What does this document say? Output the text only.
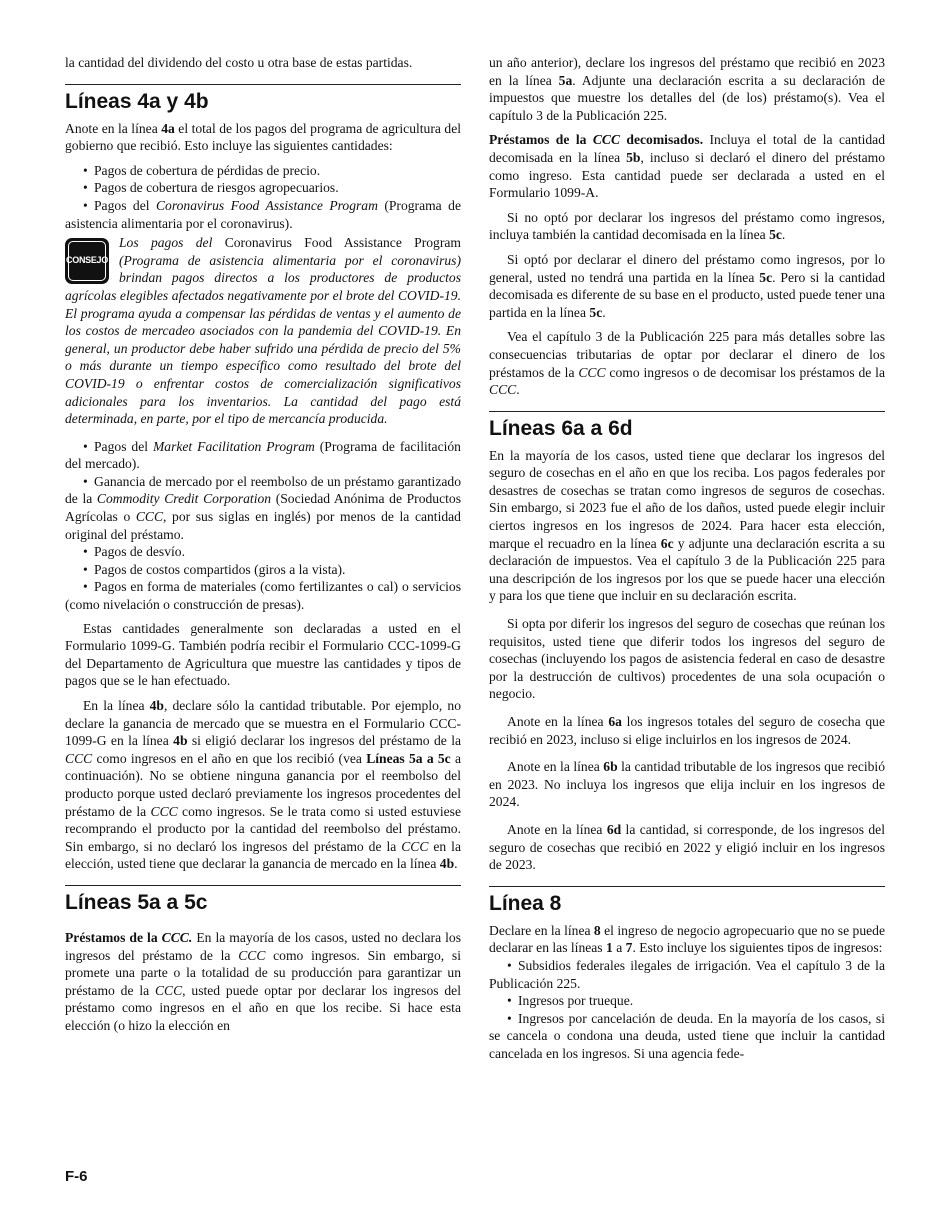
la cantidad del dividendo del costo u otra base de estas partidas.

Líneas 4a y 4b

Anote en la línea 4a el total de los pagos del programa de agricultura del gobierno que recibió. Esto incluye las siguientes cantidades:

• Pagos de cobertura de pérdidas de precio.
• Pagos de cobertura de riesgos agropecuarios.
• Pagos del Coronavirus Food Assistance Program (Programa de asistencia alimentaria por el coronavirus).
CONSEJO
Los pagos del Coronavirus Food Assistance Program (Programa de asistencia alimentaria por el coronavirus) brindan pagos directos a los productores de productos agrícolas elegibles afectados negativamente por el brote del COVID-19. El programa ayuda a compensar las pérdidas de ventas y el aumento de los costos de mercadeo asociados con la pandemia del COVID-19. En general, un productor debe haber sufrido una pérdida de precio del 5% o más durante un tiempo específico como resultado del brote del COVID-19 o enfrentar costos de comercialización significativos adicionales para los inventarios. La cantidad del pago está determinada, en parte, por el tipo de mercancía producida.
• Pagos del Market Facilitation Program (Programa de facilitación del mercado).
• Ganancia de mercado por el reembolso de un préstamo garantizado de la Commodity Credit Corporation (Sociedad Anónima de Productos Agrícolas o CCC, por sus siglas en inglés) por menos de la cantidad original del préstamo.
• Pagos de desvío.
• Pagos de costos compartidos (giros a la vista).
• Pagos en forma de materiales (como fertilizantes o cal) o servicios (como nivelación o construcción de presas).

Estas cantidades generalmente son declaradas a usted en el Formulario 1099-G. También podría recibir el Formulario CCC-1099-G del Departamento de Agricultura que muestre las cantidades y tipos de pagos que se le han efectuado.

En la línea 4b, declare sólo la cantidad tributable. Por ejemplo, no declare la ganancia de mercado que se muestra en el Formulario CCC-1099-G en la línea 4b si eligió declarar los ingresos del préstamo de la CCC como ingresos en el año en que los recibió (vea Líneas 5a a 5c a continuación). No se obtiene ninguna ganancia por el reembolso del producto porque usted declaró previamente los ingresos procedentes del préstamo de la CCC como ingresos. Se le trata como si usted estuviese recomprando el producto por la cantidad del reembolso del préstamo. Sin embargo, si no declaró los ingresos del préstamo de la CCC en la elección, usted tiene que declarar la ganancia de mercado en la línea 4b.

Líneas 5a a 5c

Préstamos de la CCC. En la mayoría de los casos, usted no declara los ingresos del préstamo de la CCC como ingresos. Sin embargo, si promete una parte o la totalidad de su producción para garantizar un préstamo de la CCC, usted puede optar por declarar los ingresos del préstamo como ingresos en el año en que los recibe. Si hace esta elección (o hizo la elección en

un año anterior), declare los ingresos del préstamo que recibió en 2023 en la línea 5a. Adjunte una declaración escrita a su declaración de impuestos que muestre los detalles del (de los) préstamo(s). Vea el capítulo 3 de la Publicación 225.

Préstamos de la CCC decomisados. Incluya el total de la cantidad decomisada en la línea 5b, incluso si declaró el dinero del préstamo como ingreso. Esta cantidad puede ser declarada a usted en el Formulario 1099-A.

Si no optó por declarar los ingresos del préstamo como ingresos, incluya también la cantidad decomisada en la línea 5c.

Si optó por declarar el dinero del préstamo como ingresos, por lo general, usted no tendrá una partida en la línea 5c. Pero si la cantidad decomisada es diferente de su base en el producto, usted puede tener una partida en la línea 5c.

Vea el capítulo 3 de la Publicación 225 para más detalles sobre las consecuencias tributarias de optar por declarar el dinero de los préstamos de la CCC como ingresos o de decomisar los préstamos de la CCC.

Líneas 6a a 6d

En la mayoría de los casos, usted tiene que declarar los ingresos del seguro de cosechas en el año en que los reciba. Los pagos federales por desastres de cosechas se tratan como ingresos de seguros de cosechas. Sin embargo, si 2023 fue el año de los daños, usted puede elegir incluir ciertos ingresos en los ingresos de 2024. Para hacer esta elección, marque el recuadro en la línea 6c y adjunte una declaración escrita a su declaración de impuestos. Vea el capítulo 3 de la Publicación 225 para una descripción de los ingresos por los que se puede hacer una elección y para los que tiene que incluir en su declaración escrita.

Si opta por diferir los ingresos del seguro de cosechas que reúnan los requisitos, usted tiene que diferir todos los ingresos del seguro de cosechas (incluyendo los pagos de asistencia federal en caso de desastre por la destrucción de cultivos) procedentes de una sola ocupación o negocio.

Anote en la línea 6a los ingresos totales del seguro de cosecha que recibió en 2023, incluso si elige incluirlos en los ingresos de 2024.

Anote en la línea 6b la cantidad tributable de los ingresos que recibió en 2023. No incluya los ingresos que elija incluir en los ingresos de 2024.

Anote en la línea 6d la cantidad, si corresponde, de los ingresos del seguro de cosechas que recibió en 2022 y eligió incluir en los ingresos de 2023.

Línea 8

Declare en la línea 8 el ingreso de negocio agropecuario que no se puede declarar en las líneas 1 a 7. Esto incluye los siguientes tipos de ingresos:

• Subsidios federales ilegales de irrigación. Vea el capítulo 3 de la Publicación 225.
• Ingresos por trueque.
• Ingresos por cancelación de deuda. En la mayoría de los casos, si se cancela o condona una deuda, usted tiene que incluir la cantidad cancelada en los ingresos. Si una agencia fede-
F-6
